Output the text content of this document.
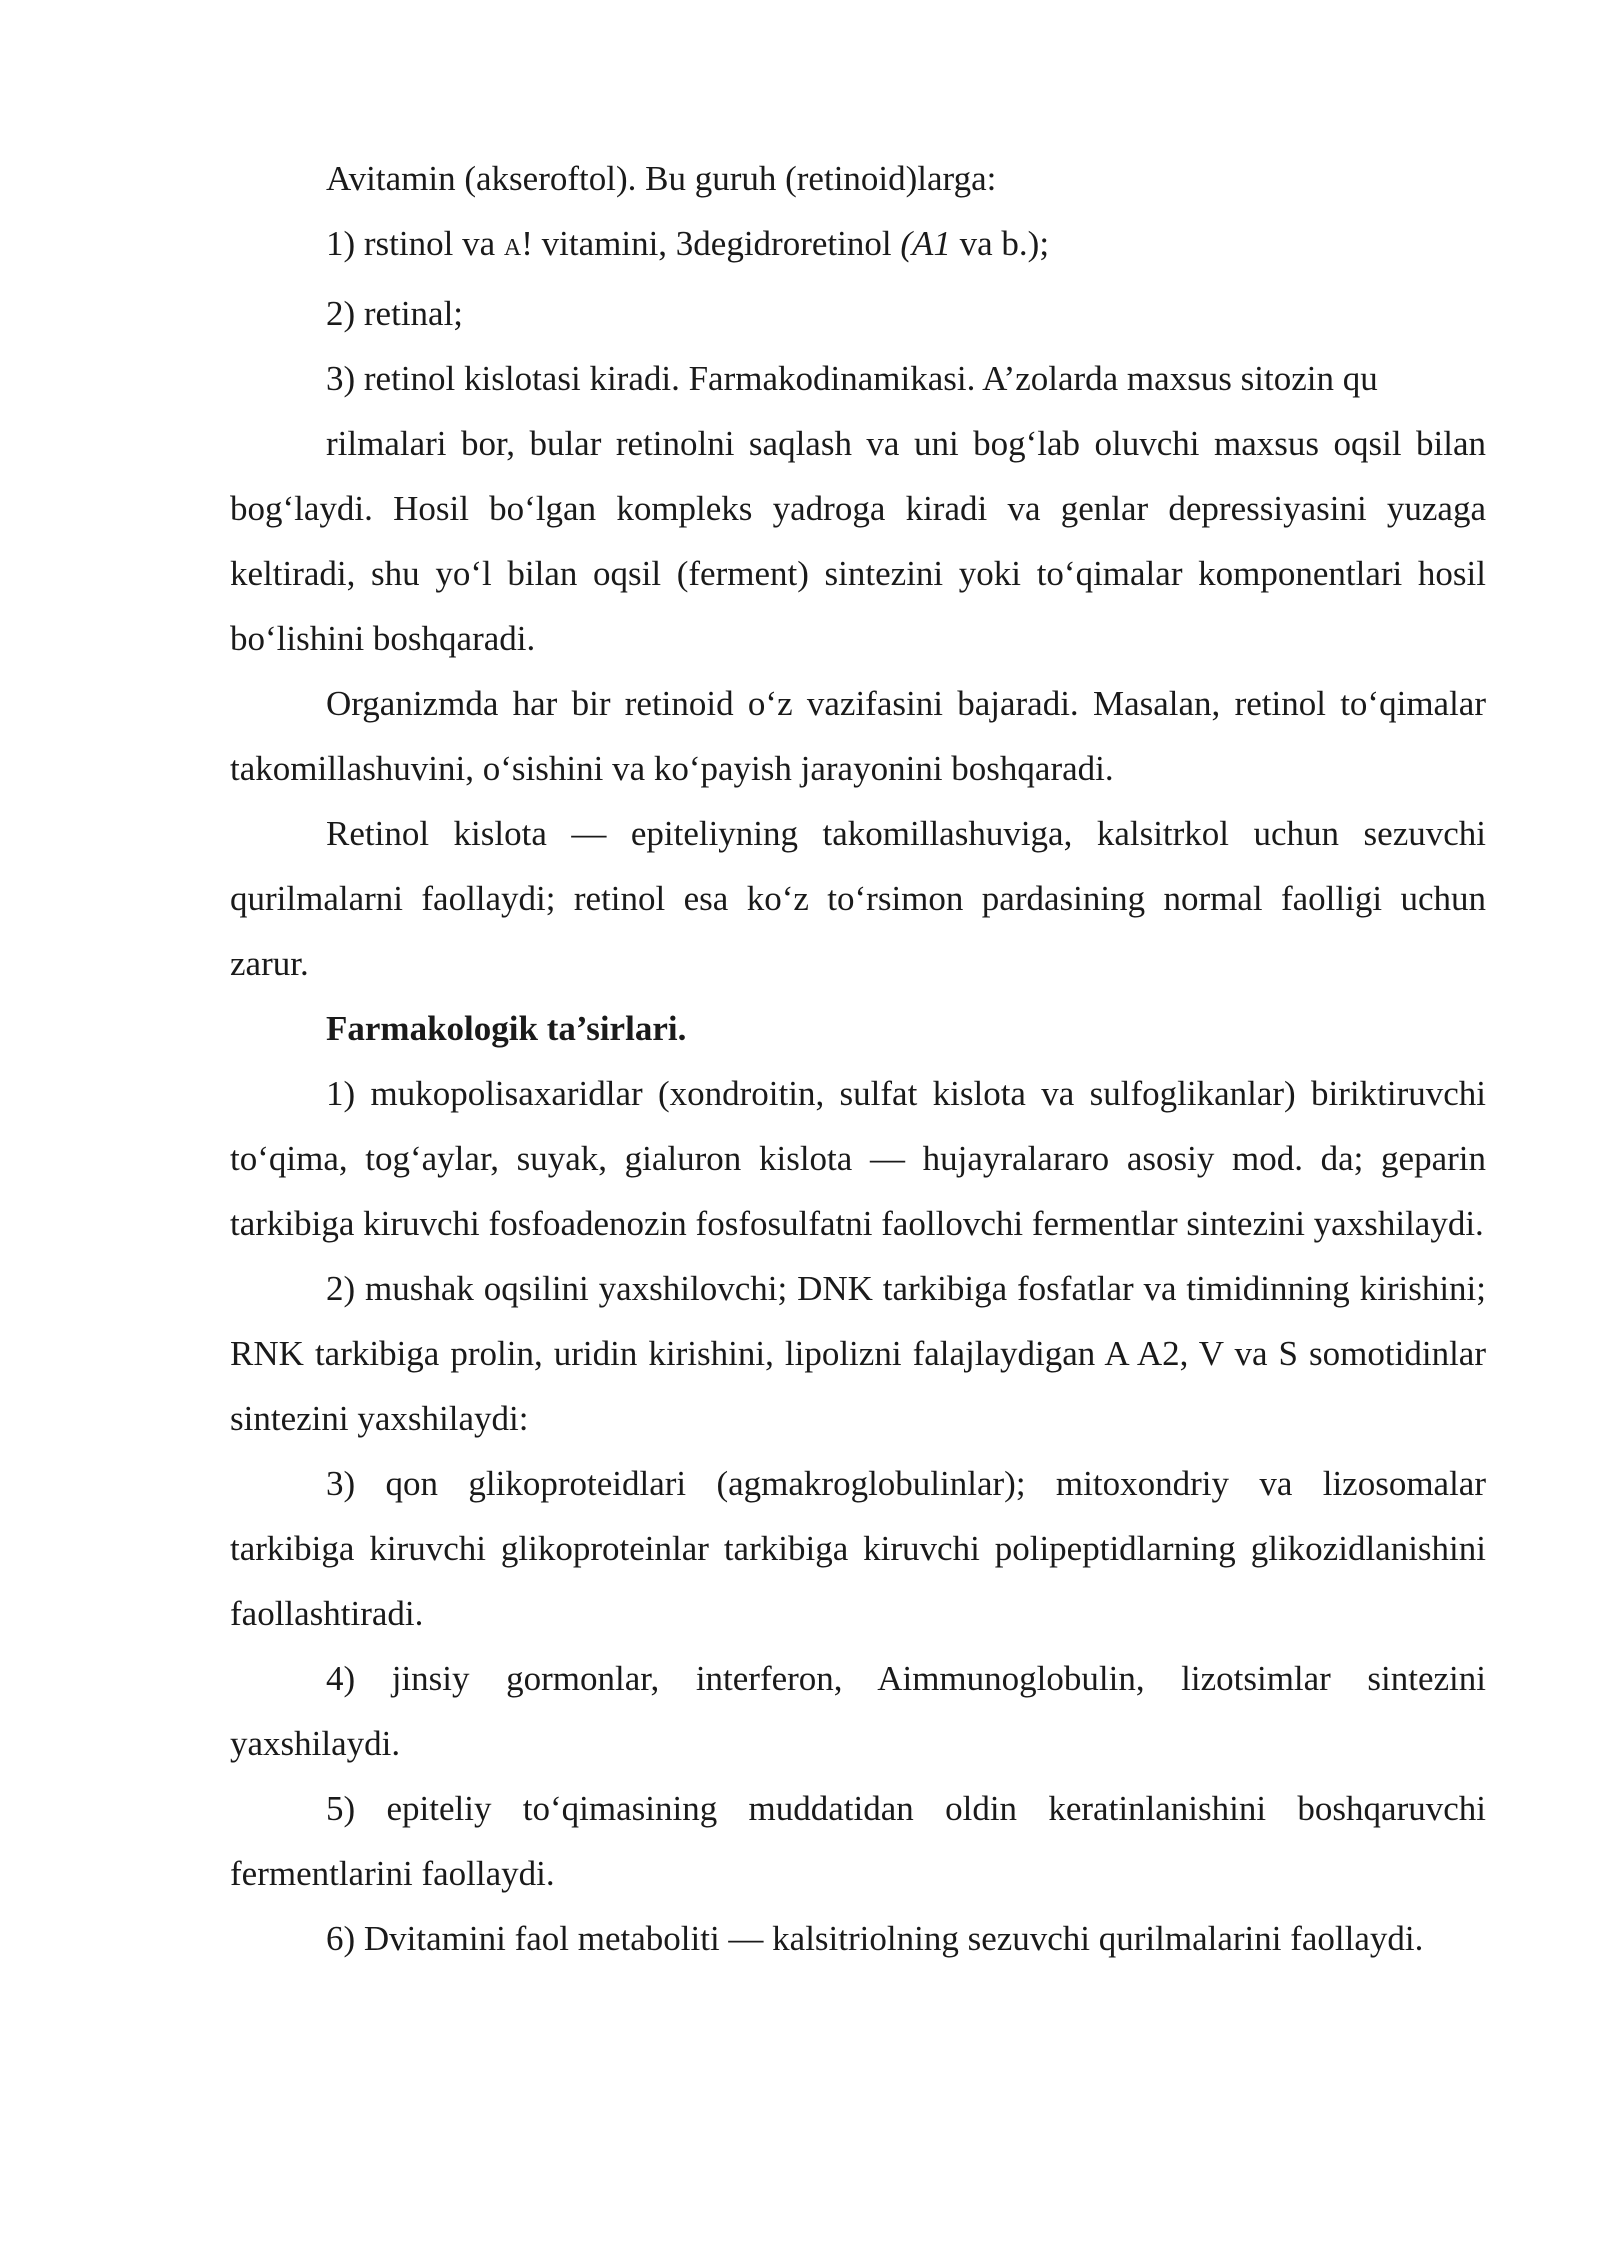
Avitamin (akseroftol). Bu guruh (retinoid)larga:

1) rstinol va A! vitamini, 3degidroretinol (A1 va b.);

2) retinal;

3) retinol kislotasi kiradi. Farmakodinamikasi. A’zolarda maxsus sitozin qu

rilmalari bor, bular retinolni saqlash va uni bog‘lab oluvchi maxsus oqsil bilan bog‘laydi. Hosil bo‘lgan kompleks yadroga kiradi va genlar depressiyasini yuzaga keltiradi, shu yo‘l bilan oqsil (ferment) sintezini yoki to‘qimalar komponentlari hosil bo‘lishini boshqaradi.

Organizmda har bir retinoid o‘z vazifasini bajaradi. Masalan, retinol to‘qimalar takomillashuvini, o‘sishini va ko‘payish jarayonini boshqaradi.

Retinol kislota — epiteliyning takomillashuviga, kalsitrkol uchun sezuvchi qurilmalarni faollaydi; retinol esa ko‘z to‘rsimon pardasining normal faolligi uchun zarur.

Farmakologik ta’sirlari.

1) mukopolisaxaridlar (xondroitin, sulfat kislota va sulfoglikanlar) biriktiruvchi to‘qima, tog‘aylar, suyak, gialuron kislota — hujayralararo asosiy mod. da; geparin tarkibiga kiruvchi fosfoadenozin fosfosulfatni faollovchi fermentlar sintezini yaxshilaydi.

2) mushak oqsilini yaxshilovchi; DNK tarkibiga fosfatlar va timidinning kirishini; RNK tarkibiga prolin, uridin kirishini, lipolizni falajlaydigan A A2, V va S somotidinlar sintezini yaxshilaydi:

3) qon glikoproteidlari (agmakroglobulinlar); mitoxondriy va lizosomalar tarkibiga kiruvchi glikoproteinlar tarkibiga kiruvchi polipeptidlarning glikozidlanishini faollashtiradi.

4) jinsiy gormonlar, interferon, Aimmunoglobulin, lizotsimlar sintezini yaxshilaydi.

5) epiteliy to‘qimasining muddatidan oldin keratinlanishini boshqaruvchi fermentlarini faollaydi.

6) Dvitamini faol metaboliti — kalsitriolning sezuvchi qurilmalarini faollaydi.
